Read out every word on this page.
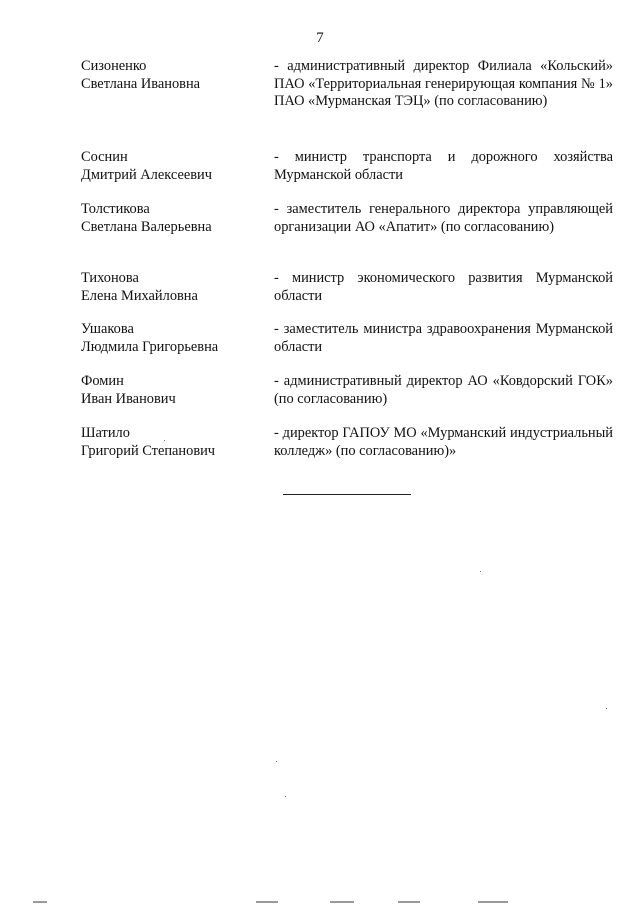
7
Сизоненко
Светлана Ивановна
- административный директор Филиала «Кольский» ПАО «Территориальная генерирующая компания № 1» ПАО «Мурманская ТЭЦ» (по согласованию)
Соснин
Дмитрий Алексеевич
- министр транспорта и дорожного хозяйства Мурманской области
Толстикова
Светлана Валерьевна
- заместитель генерального директора управляющей организации АО «Апатит» (по согласованию)
Тихонова
Елена Михайловна
- министр экономического развития Мурманской области
Ушакова
Людмила Григорьевна
- заместитель министра здравоохранения Мурманской области
Фомин
Иван Иванович
- административный директор АО «Ковдорский ГОК» (по согласованию)
Шатило
Григорий Степанович
- директор ГАПОУ МО «Мурманский индустриальный колледж» (по согласованию)»
